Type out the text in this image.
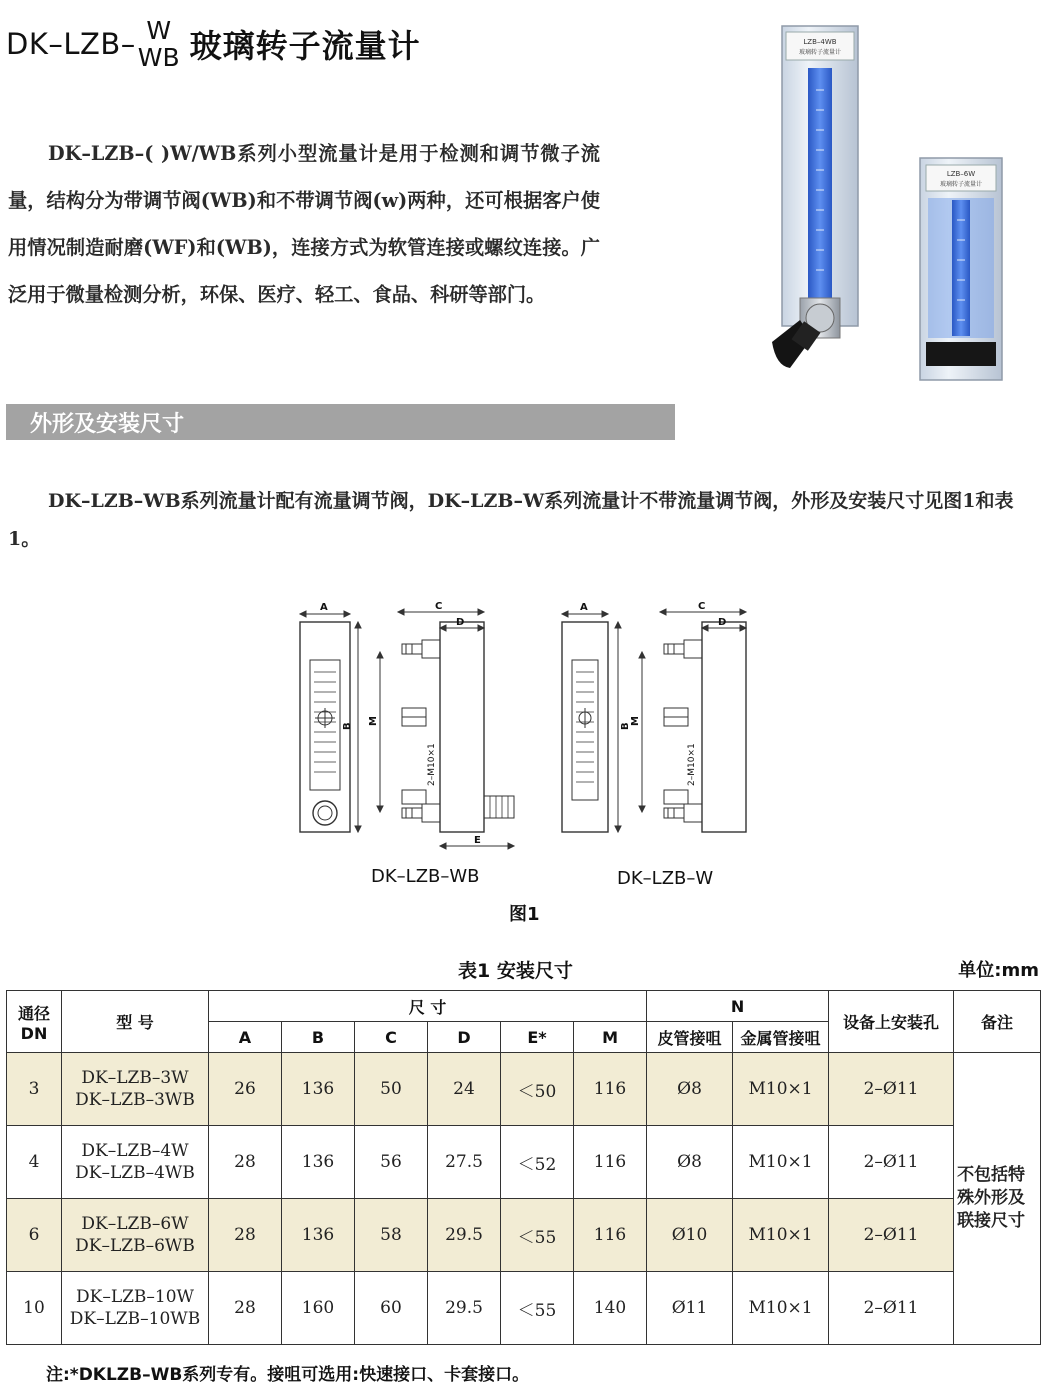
DK–LZB– W
WB 玻璃转子流量计
DK–LZB–( )W/WB系列小型流量计是用于检测和调节微子流量，结构分为带调节阀(WB)和不带调节阀(w)两种，还可根据客户使用情况制造耐磨(WF)和(WB)，连接方式为软管连接或螺纹连接。广泛用于微量检测分析，环保、医疗、轻工、食品、科研等部门。
LZB–4WB
玻璃转子流量计
LZB–6W
玻璃转子流量计
外形及安装尺寸
DK–LZB–WB系列流量计配有流量调节阀，DK–LZB–W系列流量计不带流量调节阀，外形及安装尺寸见图1和表1。
A
B
C
D
E
M
2–M10×1
A
B
C
D
M
2–M10×1
DK–LZB–WB	DK–LZB–W
图1
表1 安装尺寸	单位:mm
通径
DN	型 号	尺 寸						N		设备上安装孔	备注
		A	B	C	D	E*	M	皮管接咀	金属管接咀		
3	DK–LZB–3W
DK–LZB–3WB	26	136	50	24	＜50	116	Ø8	M10×1	2–Ø11	不包括特殊外形及联接尺寸
4	DK–LZB–4W
DK–LZB–4WB	28	136	56	27.5	＜52	116	Ø8	M10×1	2–Ø11	
6	DK–LZB–6W
DK–LZB–6WB	28	136	58	29.5	＜55	116	Ø10	M10×1	2–Ø11	
10	DK–LZB–10W
DK–LZB–10WB	28	160	60	29.5	＜55	140	Ø11	M10×1	2–Ø11	
注:*DKLZB–WB系列专有。接咀可选用:快速接口、卡套接口。
